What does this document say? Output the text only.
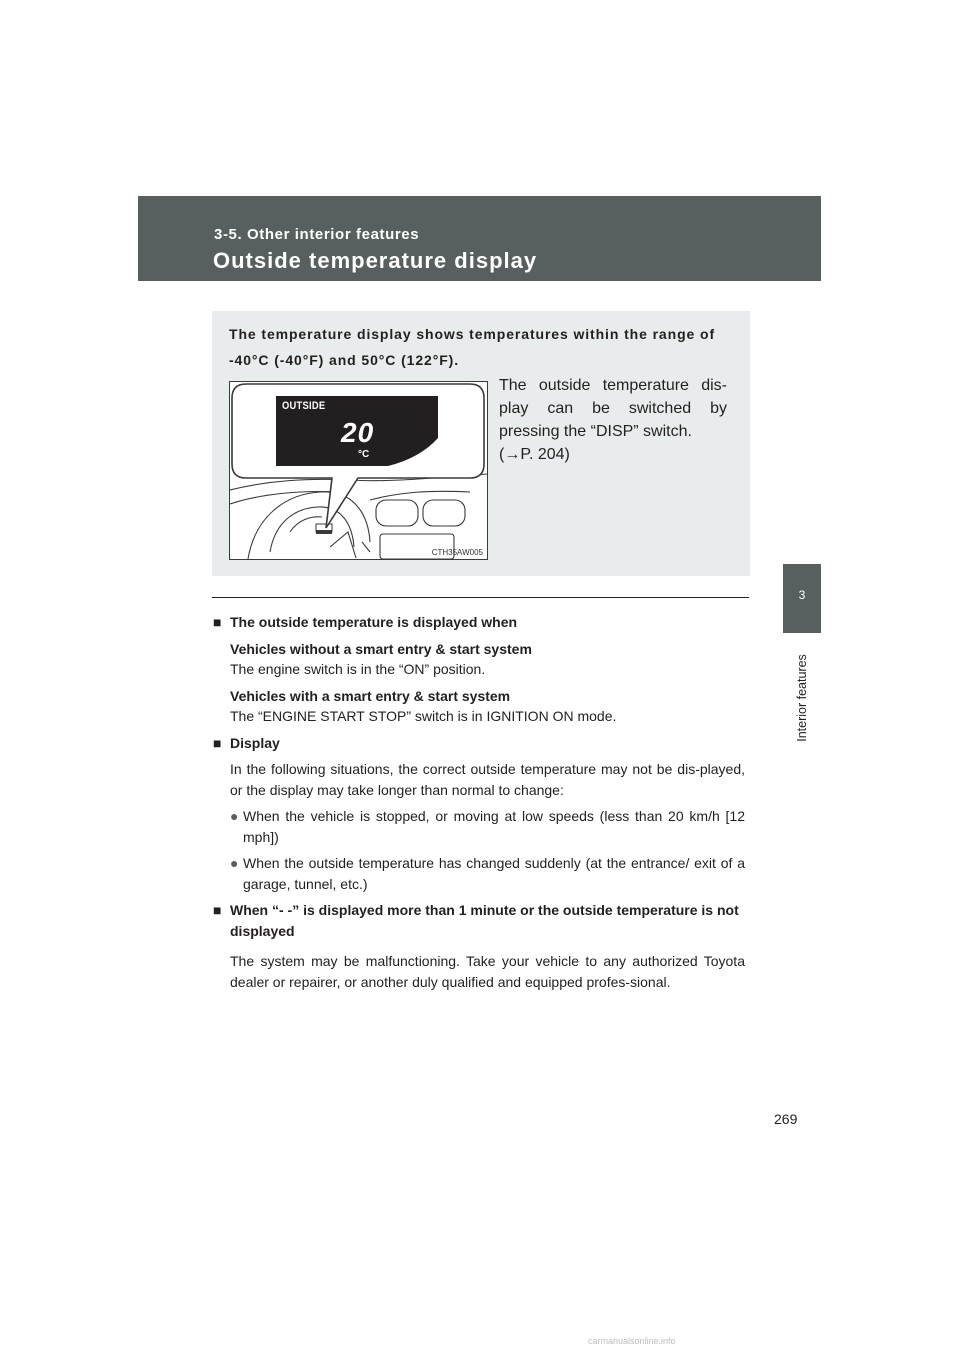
3-5. Other interior features
Outside temperature display
3
Interior features
The temperature display shows temperatures within the range of -40°C (-40°F) and 50°C (122°F).
OUTSIDE
20
°C
CTH35AW005
The outside temperature dis-play can be switched by pressing the “DISP” switch.
(→P. 204)

■ The outside temperature is displayed when

Vehicles without a smart entry & start system

The engine switch is in the “ON” position.

Vehicles with a smart entry & start system

The “ENGINE START STOP” switch is in IGNITION ON mode.

■ Display

In the following situations, the correct outside temperature may not be dis-played, or the display may take longer than normal to change:

● When the vehicle is stopped, or moving at low speeds (less than 20 km/h [12 mph])

● When the outside temperature has changed suddenly (at the entrance/ exit of a garage, tunnel, etc.)

■ When “- -” is displayed more than 1 minute or the outside temperature is not displayed

The system may be malfunctioning. Take your vehicle to any authorized Toyota dealer or repairer, or another duly qualified and equipped profes-sional.

269
carmanualsonline.info
